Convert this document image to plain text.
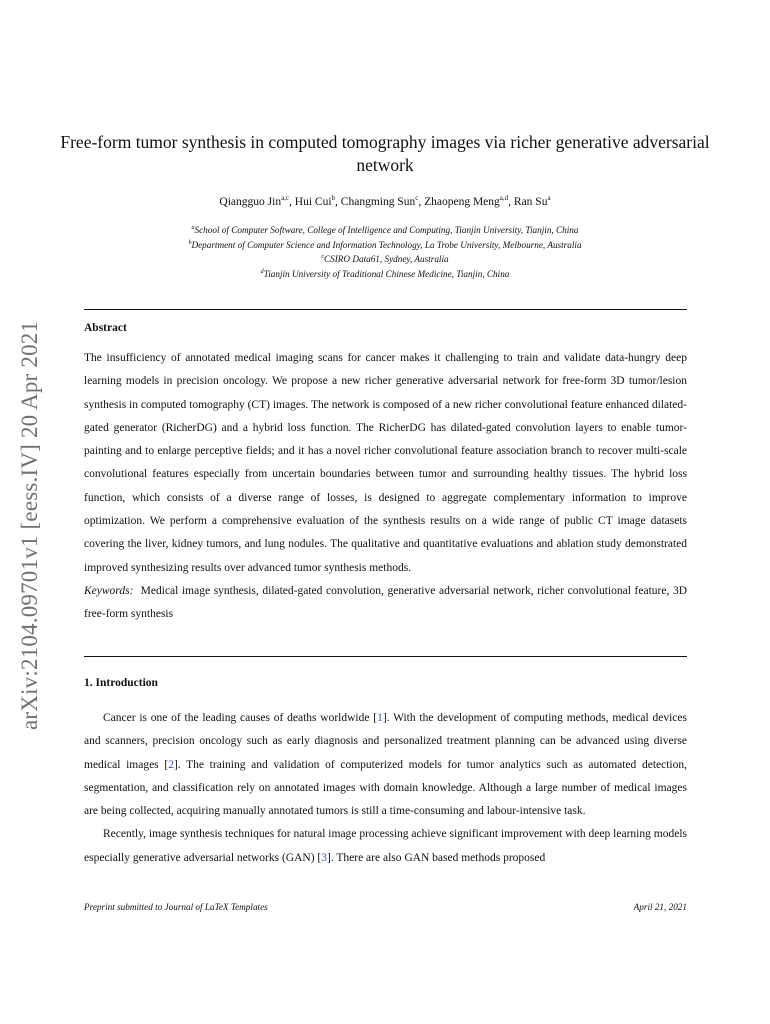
arXiv:2104.09701v1 [eess.IV] 20 Apr 2021
Free-form tumor synthesis in computed tomography images via richer generative adversarial network
Qiangguo Jin$^{a,c}$, Hui Cui$^b$, Changming Sun$^c$, Zhaopeng Meng$^{a,d}$, Ran Su$^a$
$^a$School of Computer Software, College of Intelligence and Computing, Tianjin University, Tianjin, China
$^b$Department of Computer Science and Information Technology, La Trobe University, Melbourne, Australia
$^c$CSIRO Data61, Sydney, Australia
$^d$Tianjin University of Traditional Chinese Medicine, Tianjin, China
Abstract

The insufficiency of annotated medical imaging scans for cancer makes it challenging to train and validate data-hungry deep learning models in precision oncology. We propose a new richer generative adversarial network for free-form 3D tumor/lesion synthesis in computed tomography (CT) images. The network is composed of a new richer convolutional feature enhanced dilated-gated generator (RicherDG) and a hybrid loss function. The RicherDG has dilated-gated convolution layers to enable tumor-painting and to enlarge perceptive fields; and it has a novel richer convolutional feature association branch to recover multi-scale convolutional features especially from uncertain boundaries between tumor and surrounding healthy tissues. The hybrid loss function, which consists of a diverse range of losses, is designed to aggregate complementary information to improve optimization. We perform a comprehensive evaluation of the synthesis results on a wide range of public CT image datasets covering the liver, kidney tumors, and lung nodules. The qualitative and quantitative evaluations and ablation study demonstrated improved synthesizing results over advanced tumor synthesis methods.

Keywords: Medical image synthesis, dilated-gated convolution, generative adversarial network, richer convolutional feature, 3D free-form synthesis

1. Introduction

Cancer is one of the leading causes of deaths worldwide [1]. With the development of computing methods, medical devices and scanners, precision oncology such as early diagnosis and personalized treatment planning can be advanced using diverse medical images [2]. The training and validation of computerized models for tumor analytics such as automated detection, segmentation, and classification rely on annotated images with domain knowledge. Although a large number of medical images are being collected, acquiring manually annotated tumors is still a time-consuming and labour-intensive task.

Recently, image synthesis techniques for natural image processing achieve significant improvement with deep learning models especially generative adversarial networks (GAN) [3]. There are also GAN based methods proposed

Preprint submitted to Journal of LaTeX Templates	April 21, 2021
